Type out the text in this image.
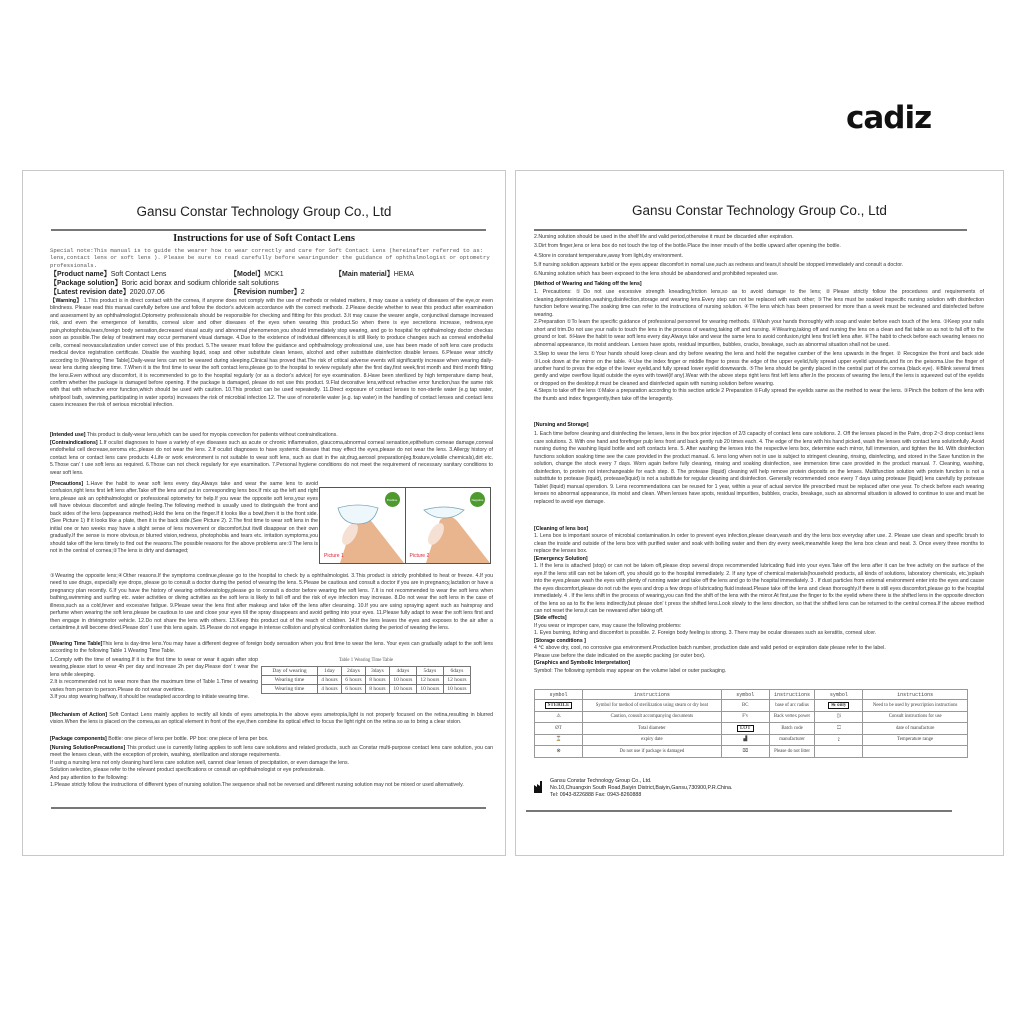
cadiz
Gansu Constar Technology Group Co., Ltd
Instructions for use of Soft Contact Lens
Special note:This manual is to guide the wearer how to wear correctly and care for Soft Contact Lens (hereinafter referred to as: lens,contact lens or soft lens ). Please be sure to read carefully before wearingunder the guidance of ophthalmologist or optometry professionals.
【Product name】Soft Contact Lens	【Model】MCK1	【Main material】HEMA
【Package solution】Boric acid borax and sodium chloride salt solutions
【Latest revision date】2020.07.06	【Revision number】2
【Warning】 1.This product is in direct contact with the cornea, if anyone does not comply with the use of methods or related matters, it may cause a variety of diseases of the eye,or even blindness. Please read this manual carefully before use and follow the doctor's advicein accordance with the correct methods. 2.Please decide whether to wear this product after examination and assessment by an ophthalmologist.Optometry professionals should be responsible for checking and fitting for this product. 3.It may cause the wearer angle, conjunctival damage increased risk, and even the emergence of keratitis, corneal ulcer and other diseases of the eyes when wearing this product.So when there is eye secretions increase, redness,eye pain,photophobia,tears,foreign body sensation,decreased visual acuity and abnormal phenomenon,you should immediately stop wearing, and go to hospital for ophthalmology doctor checkas soon as possible.The delay of treatment may occur permanent visual damage. 4.Due to the existence of individual differences,it is still likely to produce changes such as corneal endothelial cells, corneal neovascularization under correct use of this product. 5.The wearer must follow the guidance and ophthalmology professional use, use has been made of soft lens care products medical device registration certificate. Disable the washing liquid, soap and other substitute clean lenses, alcohol and other substitute disinfection disable lenses. 6.Please wear strictly according to [Wearing Time Table].Daily-wear lens can not be weared during sleeping.Clinical has proved that.The risk of critical adverse events will significantly increase when wearing daily-wear lens during sleeping time. 7.When it is the first time to wear the soft contact lens,please go to the hospital to review regularly after the first day,first week,first month and third month fitting the lens.Even without any discomfort, it is recommended to go to the hospital regularly (or as a doctor's advice) for eye examination. 8.Have been sterilized by high temperature damp heat, confirm whether the package is damaged before opening. If the package is damaged, please do not use this product. 9.Flat decorative lens,without refractive error function,has the same risk with that with refractive error function,which should be used with caution. 10.This product can be used repeatedly. 11.Direct exposure of contact lenses to non-sterile water (e.g tap water, whirlpool bath, swimming,participating in water sports) increases the risk of microbial infection 12. The use of nonsterile water (e.g. tap water) in the handling of contact lenses and contact lens cases increases the risk of serious microbial infection.
[Intended use] This product is daily-wear lens,which can be used for myopia correction for patients without contraindications.
[Contraindications] 1.If oculist diagnoses to have a variety of eye diseases such as acute or chronic inflammation, glaucoma,abnormal corneal sensation,epithelium corneae damage,corneal endothelial cell decrease,xeroma etc.,please do not wear the lens. 2.If oculist diagnoses to have systemic disease that may effect the eyes,please do not wear the lens. 3.Allergy history of contact lens or contact lens care products 4.Life or work environment is not suitable to wear soft lens, such as dust in the air,drug,aerosol preparation(eg.fixature,volatile chemicals),dirt etc. 5.Those can' t use soft lens as required. 6.Those can not check regularly for eye examination. 7.Personal hygiene conditions do not meet the requirement of necessary sanitary conditions to wear soft lens.
[Precautions] 1.Have the habit to wear soft lens every day.Always take and wear the same lens to avoid confusion,right lens first left lens after.Take off the lens and put in corresponding lens box.If mix up the left and right lens,please ask an ophthalmologist or professional optometry for help.If you wear the opposite soft lens,your eyes will have obvious discomfort and atingle feeling.The following method is usually used to distinguish the front and back sides of the lens (appearance method).Hold the lens on the finger.If it looks like a bowl,then it is the front side.(See Picture 1) If it looks like a plate, then it is the back side.(See Picture 2). 2.The first time to wear soft lens in the initial one or two weeks may have a slight sense of lens movement or discomfort,but itwill disappear on their own gradually.If the sense is more obvious,or blurred vision,redness, photophobia and tears etc. irritation symptoms,you should take off the lens timely to find out the reasons.The possible reasons for the above problems are:①The lens is not in the central of cornea;②The lens is dirty and damaged;
Positive
Picture 1
Negative
Picture 2
③Wearing the opposite lens;④Other reasons.If the symptoms continue,please go to the hospital to check by a ophthalmologist. 3.This product is strictly prohibited to heat or freeze. 4.If you need to use drugs, especially eye drops, please go to consult a doctor during the period of wearing the lens. 5.Please be cautious and consult a doctor if you are in pregnancy,lactation or have a pregnancy plan recently. 6.If you have the history of wearing orthokeratology,please go to consult a doctor before wearing the soft lens. 7.It is not recommended to wear the soft lens when bathing,swimming and surfing etc. water activities or diving activities as the soft lens is likely to fall off and the risk of eye infection may increase. 8.Do not wear the soft lens in the case of illness,such as a cold,fever and excessive fatigue. 9.Please wear the lens first after makeup and take off the lens after cleansing. 10.If you are using spraying agent such as hairspray and perfume when wearing the soft lens,please be cautious to use and close your eyes till the spray disappears and avoid getting into your eyes. 11.Please fully adapt to wear the soft lens first and then engage in drivingmotor vehicle. 12.Do not share the lens with others. 13.Keep this product out of the reach of children. 14.If the lens leaves the eyes and exposes to the air after a certaintime,it will become dried.Please don' t use this lens again. 15.Please do not engage in intense collision and physical confrontation during the period of wearing the lens.
[Wearing Time Table]This lens is day-time lens.You may have a different degree of foreign body sensation when you first time to wear the lens. Your eyes can gradually adapt to the soft lens according to the following Table 1 Wearing Time Table.
1.Comply with the time of wearing.If it is the first time to wear or wear it again after stop wearing,please start to wear 4h per day and increase 2h per day.Please don' t wear the lens while sleeping.
2.It is recommended not to wear more than the maximum time of Table 1.Time of wearing varies from person to person.Please do not wear overtime.
3.If you stop wearing halfway, it should be readapted according to initiate wearing time.
Table 1 Wearing Time Table
Day of wearing	1day	2days	3days	4days	5days	6days
Wearing time	4 hours	6 hours	8 hours	10 hours	12 hours	12 hours
Wearing time	4 hours	6 hours	8 hours	10 hours	10 hours	10 hours
[Mechanism of Action] Soft Contact Lens mainly applies to rectify all kinds of eyes ametropia.In the above eyes ametropia,light is not properly focused on the retina,resulting in blurred vision.When the lens is placed on the cornea,as an optical element in front of the eye,then combine its optical effect to focus the light right on the retina so as to bring a clear vision.
[Package components] Bottle: one piece of lens per bottle. PP box: one piece of lens per box.
[Nursing SolutionPrecautions] This product use is currently listing applies to soft lens care solutions and related products, such as Constar multi-purpose contact lens care solution, you can meet the lenses clean, with the exception of protein, washing, sterilization and storage requirements.
If using a nursing lens not only cleaning hard lens care solution well, cannot clear lenses of precipitation, or even damage the lens.
Solution selection, please refer to the relevant product specifications or consult an ophthalmologist or eye professionals.
And pay attention to the following:
1.Please strictly follow the instructions of different types of nursing solution.The sequence shall not be reversed and different nursing solution may not be mixed or used alternatively.
Gansu Constar Technology Group Co., Ltd
2.Nursing solution should be used in the shelf life and valid period,otherwise it must be discarded after expiration.
3.Dirt from finger,lens or lens box do not touch the top of the bottle.Place the inner mouth of the bottle upward after opening the bottle.
4.Store in constant temperature,away from light,dry environment.
5.If nursing solution appears turbid or the eyes appear discomfort in nomal use,such as redness and tears,it should be stopped immediately and consult a doctor.
6.Nursing solution which has been exposed to the lens should be abandoned and prohibited repeated use.
[Method of Wearing and Taking off the lens]
1. Precautions: ①Do not use excessive strength kneading,friction lens,so as to avoid damage to the lens; ②Please strictly follow the procedures and requirements of cleaning,deproteinization,washing,disinfection,storage and wearing lens.Every step can not be replaced with each other; ③The lens must be soaked inspecific nursing solution with disinfection function before wearing.The soaking time can refer to the instructions of nursing solution. ④The lens which has been preserved for more than a week must be recleaned and disinfected before wearing.
2.Preparation ①To learn the specific guidance of professional personnel for wearing methods. ②Wash your hands thoroughly with soap and water before each touch of the lens. ③Keep your nails short and trim.Do not use your nails to touch the lens in the process of wearing,taking off and nursing. ④Wearing,taking off and nursing the lens on a clean and flat table so as not to fall off to the ground or lost. ⑤Have the habit to wear soft lens every day.Always take and wear the same lens to avoid confusion,right lens first left lens after. ⑥The habit to check before each wearing lenses no abnormal appearance, its moist andclean. Lenses have spots, residual impurities, bubbles, cracks, breakage, such as abnormal situation shall not be used.
3.Step to wear the lens ①Your hands should keep clean and dry before wearing the lens and hold the negative camber of the lens upwards in the finger. ② Recognize the front and back side ③Look down at the mirror on the table. ④Use the index finger or middle finger to press the edge of the upper eyelid,fully spread upper eyelid upwards,and fix on the geisoma.Use the finger of another hand to press the edge of the lower eyelid,and fully spread lower eyelid downwards. ⑤The lens should be gently placed in the central part of the cornea (black eye). ⑥Blink several times gently and wipe overflow liquid outside the eyes with towel(if any).Wear with the above steps right lens first left lens after.In the process of wearing the lens,if the lens is squeezed out of the eyelids or dropped on the desktop,it must be cleaned and disinfected again with nursing solution before wearing.
4.Steps to take off the lens ①Make a preparation according to this section article 2 Preparation ②Fully spread the eyelids same as the method to wear the lens. ③Pinch the bottom of the lens with the thumb and index fingergently,then take off the lensgently.
[Nursing and Storage]
1. Each time before cleaning and disinfecting the lenses, lens in the box prior injection of 2/3 capacity of contact lens care solutions. 2. Off the lenses placed in the Palm, drop 2~3 drop contact lens care solutions. 3. With one hand and forefinger pulp lens front and back gently rub 20 times each. 4. The edge of the lens with his hand picked, wash the lenses with contact lens solutionfully. Avoid nursing during the washing liquid bottle and soft contacts lens. 5. After washing the lenses into the respective lens box, determine each mirror, full immersion, and tighten the lid. With disinfection functions solution soaking time see the care provided in the product manual. 6. lens long when not in use is subject to stringent cleaning, rinsing, disinfecting, and stored in the Save function in the solution, change the stock every 7 days. Worn again before fully cleaning, rinsing and soaking disinfection, see immersion time care provided in the product manual. 7. Cleaning, washing, disinfection, to protein not interchangeable for each step. 8. The protease (liquid) cleaning will help remove protein deposits on the lenses. Multifunction solution with protein function is not a substitute to protease (liquid), protease(liquid) is not a substitute for regular cleaning and disinfection. Generally recommended once every 7 days using protease (liquid) lens carefully by protease Tablet (liquid) manual operation. 9. Lens recommendations can be reused for 1 year, within a year of actual service life prescribed must be replaced after one year. To check before each wearing lenses no abnormal appearance, its moist and clean. When lenses have spots, residual impurities, bubbles, cracks, breakage, such as abnormal situation is allowed to continue to use and must be replaced to avoid eye damage.
[Cleaning of lens box]
1. Lens box is important source of microbial contamination.In order to prevent eyes infection,please clean,wash and dry the lens box everyday after use. 2. Please use clean and specific brush to clean the inside and outside of the lens box with purified water and soak with boiling water and then dry every week,meanwhile keep the lens box clean and neat. 3. Once every three months to replace the lenses box.
[Emergency Solution]
1. If the lens is attached (stop) or can not be taken off,please drop several drops recommended lubricating fluid into your eyes.Take off the lens after it can be free activity on the surface of the eye.If the lens still can not be taken off, you should go to the hospital immediately. 2. If any type of chemical materials(household products, all kinds of solutions, laboratory chemicals, etc.)splash into the eyes,please wash the eyes with plenty of running water and take off the lens and go to the hospital immediately. 3 . If dust particles from external environment enter into the eyes and cause the eyes discomfort,please do not rub the eyes and drop a few drops of lubricating fluid instead.Please take off the lens and clean thoroughly.If there is still eyes discomfort,please go to the hospital immediately. 4 . If the lens shift in the process of wearing,you can find the shift of the lens with the mirror.At first,use the finger to fix the eyelid where there is the shifted lens in the opposite direction of the lens so as to fix the lens indirectly,but please don' t press the shifted lens.Look slowly to the lens direction, so that the shifted lens can be returned to the central cornea.If the above method can not reset the lens,it can be reweared after taking off.
[Side effects]
If you wear or improper care, may cause the following problems:
1. Eyes burning, itching and discomfort is possible. 2. Foreign body feeling is strong. 3. There may be ocular diseases such as keratitis, corneal ulcer.
[Storage conditions ]
4 ℃ above dry, cool, no corrosive gas environment.Production batch number, production date and valid period or expiration date please refer to the label.
Please use before the date indicated on the aseptic packing (or outer box).
[Graphics and Symbolic Interpretation]
Symbol: The following symbols may appear on the volume label or outer packaging.
symbol	instructions	symbol	instructions	symbol	instructions
STERILE	Symbol for method of sterilization using steam or dry heat	BC	base of arc radius	℞ only	Need to be used by prescription instructions
⚠	Caution, consult accompanying documents	F'v	Back vertex power	▯i	Consult instructions for use
ØT	Total diameter	LOT	Batch code	⏍	date of manufacture
⌛	expiry date	▟	manufacturer	⟟	Temperature range
⊗	Do not use if package is damaged	⌧	Please do not litter		
Gansu Constar Technology Group Co., Ltd.
No.10,Chuangxin South Road,Baiyin District,Baiyin,Gansu,730900,P.R.China.
Tel: 0943-8226888 Fax: 0943-8260888
